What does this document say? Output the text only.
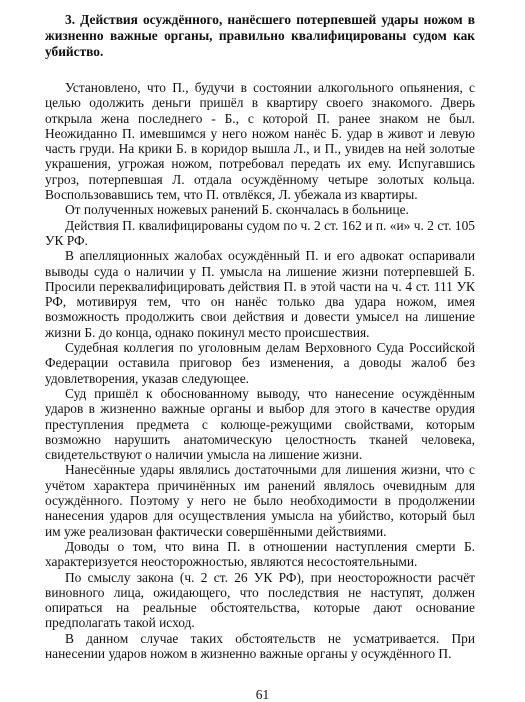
3. Действия осуждённого, нанёсшего потерпевшей удары ножом в жизненно важные органы, правильно квалифицированы судом как убийство.

Установлено, что П., будучи в состоянии алкогольного опьянения, с целью одолжить деньги пришёл в квартиру своего знакомого. Дверь открыла жена последнего - Б., с которой П. ранее знаком не был. Неожиданно П. имевшимся у него ножом нанёс Б. удар в живот и левую часть груди. На крики Б. в коридор вышла Л., и П., увидев на ней золотые украшения, угрожая ножом, потребовал передать их ему. Испугавшись угроз, потерпевшая Л. отдала осуждённому четыре золотых кольца. Воспользовавшись тем, что П. отвлёкся, Л. убежала из квартиры.

От полученных ножевых ранений Б. скончалась в больнице.

Действия П. квалифицированы судом по ч. 2 ст. 162 и п. «и» ч. 2 ст. 105 УК РФ.

В апелляционных жалобах осуждённый П. и его адвокат оспаривали выводы суда о наличии у П. умысла на лишение жизни потерпевшей Б. Просили переквалифицировать действия П. в этой части на ч. 4 ст. 111 УК РФ, мотивируя тем, что он нанёс только два удара ножом, имея возможность продолжить свои действия и довести умысел на лишение жизни Б. до конца, однако покинул место происшествия.

Судебная коллегия по уголовным делам Верховного Суда Российской Федерации оставила приговор без изменения, а доводы жалоб без удовлетворения, указав следующее.

Суд пришёл к обоснованному выводу, что нанесение осуждённым ударов в жизненно важные органы и выбор для этого в качестве орудия преступления предмета с колюще-режущими свойствами, которым возможно нарушить анатомическую целостность тканей человека, свидетельствуют о наличии умысла на лишение жизни.

Нанесённые удары являлись достаточными для лишения жизни, что с учётом характера причинённых им ранений являлось очевидным для осуждённого. Поэтому у него не было необходимости в продолжении нанесения ударов для осуществления умысла на убийство, который был им уже реализован фактически совершёнными действиями.

Доводы о том, что вина П. в отношении наступления смерти Б. характеризуется неосторожностью, являются несостоятельными.

По смыслу закона (ч. 2 ст. 26 УК РФ), при неосторожности расчёт виновного лица, ожидающего, что последствия не наступят, должен опираться на реальные обстоятельства, которые дают основание предполагать такой исход.

В данном случае таких обстоятельств не усматривается. При нанесении ударов ножом в жизненно важные органы у осуждённого П.

61
